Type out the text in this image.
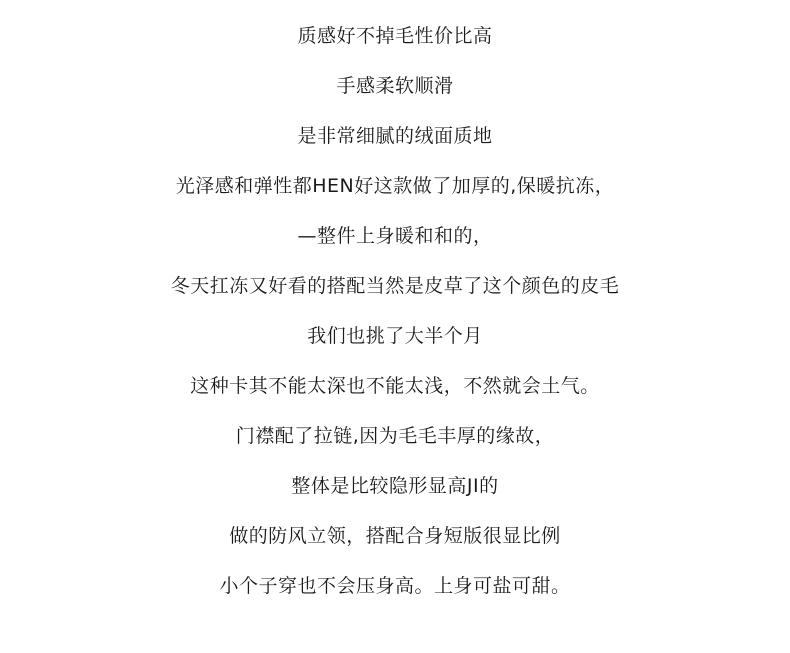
质感好不掉毛性价比高
手感柔软顺滑
是非常细腻的绒面质地
光泽感和弹性都HEN好这款做了加厚的,保暖抗冻，
—整件上身暖和和的，
冬天扛冻又好看的搭配当然是皮草了这个颜色的皮毛
我们也挑了大半个月
这种卡其不能太深也不能太浅，不然就会土气。
门襟配了拉链,因为毛毛丰厚的缘故，
整体是比较隐形显高JI的
做的防风立领，搭配合身短版很显比例
小个子穿也不会压身高。上身可盐可甜。
